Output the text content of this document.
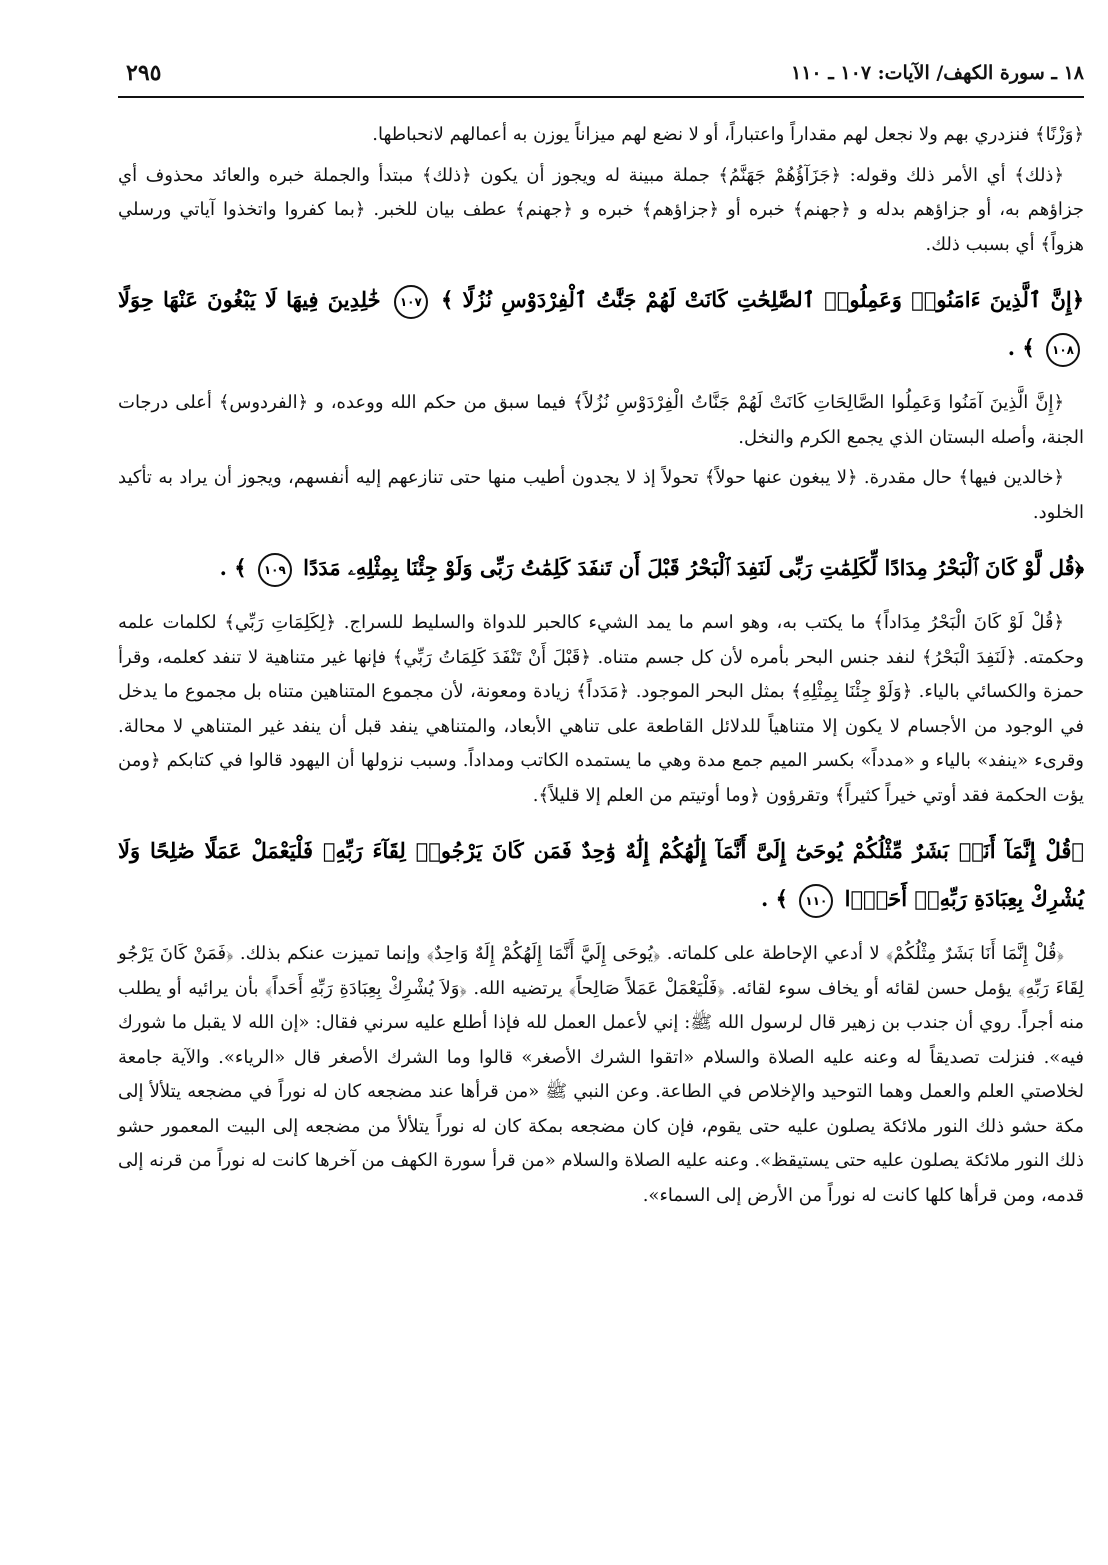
١٨ ـ سورة الكهف/ الآيات: ١٠٧ ـ ١١٠
٢٩٥

﴿وَزْنًا﴾ فنزدري بهم ولا نجعل لهم مقداراً واعتباراً، أو لا نضع لهم ميزاناً يوزن به أعمالهم لانحباطها.

﴿ذلك﴾ أي الأمر ذلك وقوله: ﴿جَزَآؤُهُمْ جَهَنَّمُ﴾ جملة مبينة له ويجوز أن يكون ﴿ذلك﴾ مبتدأ والجملة خبره والعائد محذوف أي جزاؤهم به، أو جزاؤهم بدله و ﴿جهنم﴾ خبره أو ﴿جزاؤهم﴾ خبره و ﴿جهنم﴾ عطف بيان للخبر. ﴿بما كفروا واتخذوا آياتي ورسلي هزواً﴾ أي بسبب ذلك.

﴿إِنَّ ٱلَّذِينَ ءَامَنُوا۟ وَعَمِلُوا۟ ٱلصَّٰلِحَٰتِ كَانَتْ لَهُمْ جَنَّٰتُ ٱلْفِرْدَوْسِ نُزُلًا ﴾ ١٠٧ خَٰلِدِينَ فِيهَا لَا يَبْغُونَ عَنْهَا حِوَلًا ١٠٨ ﴾ .

﴿إِنَّ الَّذِينَ آمَنُوا وَعَمِلُوا الصَّالِحَاتِ كَانَتْ لَهُمْ جَنَّاتُ الْفِرْدَوْسِ نُزُلاً﴾ فيما سبق من حكم الله ووعده، و ﴿الفردوس﴾ أعلى درجات الجنة، وأصله البستان الذي يجمع الكرم والنخل.

﴿خالدين فيها﴾ حال مقدرة. ﴿لا يبغون عنها حولاً﴾ تحولاً إذ لا يجدون أطيب منها حتى تنازعهم إليه أنفسهم، ويجوز أن يراد به تأكيد الخلود.

﴿قُل لَّوْ كَانَ ٱلْبَحْرُ مِدَادًا لِّكَلِمَٰتِ رَبِّى لَنَفِدَ ٱلْبَحْرُ قَبْلَ أَن تَنفَدَ كَلِمَٰتُ رَبِّى وَلَوْ جِئْنَا بِمِثْلِهِۦ مَدَدًا ١٠٩ ﴾ .

﴿قُلْ لَوْ كَانَ الْبَحْرُ مِدَاداً﴾ ما يكتب به، وهو اسم ما يمد الشيء كالحبر للدواة والسليط للسراج. ﴿لِكَلِمَاتِ رَبِّي﴾ لكلمات علمه وحكمته. ﴿لَنَفِدَ الْبَحْرُ﴾ لنفد جنس البحر بأمره لأن كل جسم متناه. ﴿قَبْلَ أَنْ تَنْفَدَ كَلِمَاتُ رَبِّي﴾ فإنها غير متناهية لا تنفد كعلمه، وقرأ حمزة والكسائي بالياء. ﴿وَلَوْ جِئْنَا بِمِثْلِهِ﴾ بمثل البحر الموجود. ﴿مَدَداً﴾ زيادة ومعونة، لأن مجموع المتناهين متناه بل مجموع ما يدخل في الوجود من الأجسام لا يكون إلا متناهياً للدلائل القاطعة على تناهي الأبعاد، والمتناهي ينفد قبل أن ينفد غير المتناهي لا محالة. وقرىء «ينفد» بالياء و «مدداً» بكسر الميم جمع مدة وهي ما يستمده الكاتب ومداداً. وسبب نزولها أن اليهود قالوا في كتابكم ﴿ومن يؤت الحكمة فقد أوتي خيراً كثيراً﴾ وتقرؤون ﴿وما أوتيتم من العلم إلا قليلاً﴾.

﴿قُلْ إِنَّمَآ أَنَا۠ بَشَرٌ مِّثْلُكُمْ يُوحَىٰٓ إِلَىَّ أَنَّمَآ إِلَٰهُكُمْ إِلَٰهٌ وَٰحِدٌ فَمَن كَانَ يَرْجُوا۟ لِقَآءَ رَبِّهِۦ فَلْيَعْمَلْ عَمَلًا صَٰلِحًا وَلَا يُشْرِكْ بِعِبَادَةِ رَبِّهِۦٓ أَحَدًۢا ١١٠ ﴾ .

﴿قُلْ إِنَّمَا أَنَا بَشَرٌ مِثْلُكُمْ﴾ لا أدعي الإحاطة على كلماته. ﴿يُوحَى إِلَيَّ أَنَّمَا إِلَهُكُمْ إِلَهٌ وَاحِدٌ﴾ وإنما تميزت عنكم بذلك. ﴿فَمَنْ كَانَ يَرْجُو لِقَاءَ رَبِّهِ﴾ يؤمل حسن لقائه أو يخاف سوء لقائه. ﴿فَلْيَعْمَلْ عَمَلاً صَالِحاً﴾ يرتضيه الله. ﴿وَلاَ يُشْرِكْ بِعِبَادَةِ رَبِّهِ أَحَداً﴾ بأن يرائيه أو يطلب منه أجراً. روي أن جندب بن زهير قال لرسول الله ﷺ: إني لأعمل العمل لله فإذا أطلع عليه سرني فقال: «إن الله لا يقبل ما شورك فيه». فنزلت تصديقاً له وعنه عليه الصلاة والسلام «اتقوا الشرك الأصغر» قالوا وما الشرك الأصغر قال «الرياء». والآية جامعة لخلاصتي العلم والعمل وهما التوحيد والإخلاص في الطاعة. وعن النبي ﷺ «من قرأها عند مضجعه كان له نوراً في مضجعه يتلألأ إلى مكة حشو ذلك النور ملائكة يصلون عليه حتى يقوم، فإن كان مضجعه بمكة كان له نوراً يتلألأ من مضجعه إلى البيت المعمور حشو ذلك النور ملائكة يصلون عليه حتى يستيقظ». وعنه عليه الصلاة والسلام «من قرأ سورة الكهف من آخرها كانت له نوراً من قرنه إلى قدمه، ومن قرأها كلها كانت له نوراً من الأرض إلى السماء».
